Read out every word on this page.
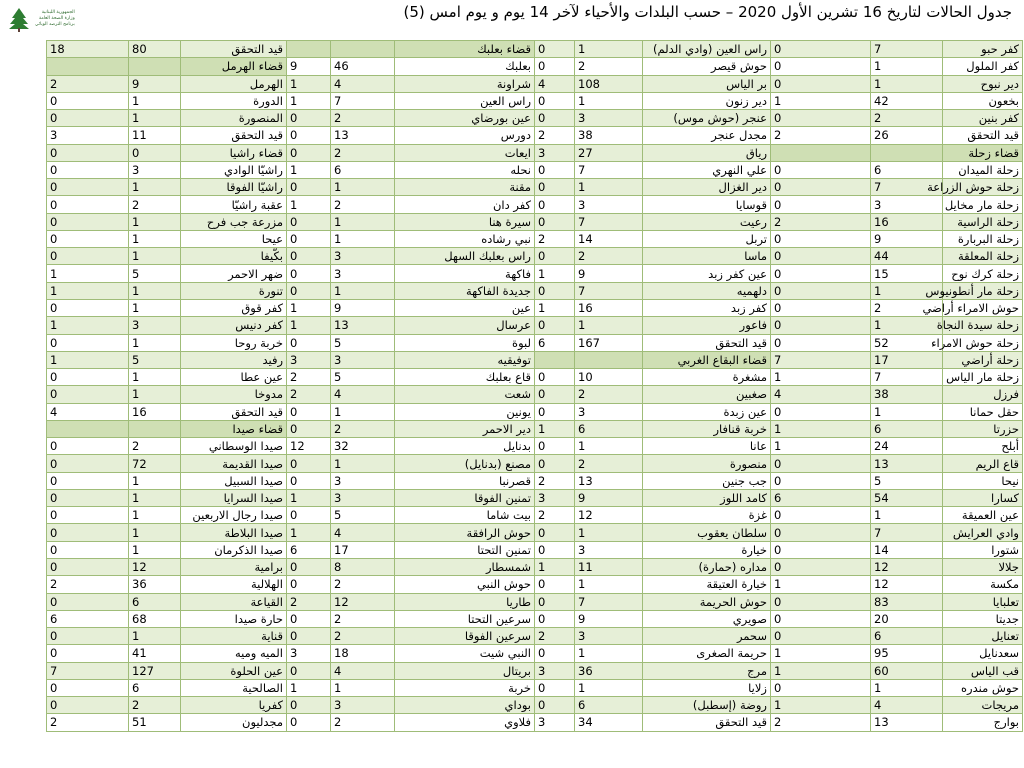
الجمهورية اللبنانية
وزارة الصحة العامة
برنامج الترصد الوبائي
جدول الحالات لتاريخ 16 تشرين الأول 2020 – حسب البلدات والأحياء لآخر 14 يوم و يوم امس (5)
كفر حبو	7	0	راس العين (وادي الدلم)	1	0	قضاء بعلبك			قيد التحقق	80	18
كفر الملول	1	0	حوش قيصر	2	0	بعلبك	46	9	قضاء الهرمل		
دير نبوح	1	0	بر الياس	108	4	شراونة	4	1	الهرمل	9	2
بخعون	42	1	دير زنون	1	0	راس العين	7	1	الدورة	1	0
كفر بنين	2	0	عنجر (حوش موس)	3	0	عين بورضاي	2	0	المنصورة	1	0
قيد التحقق	26	2	مجدل عنجر	38	2	دورس	13	0	قيد التحقق	11	3
قضاء زحلة			رياق	27	3	ايعات	2	0	قضاء راشيا	0	0
زحلة الميدان	6	0	علي النهري	7	0	نحله	6	1	راشيّا الوادي	3	0
زحلة حوش الزراعة	7	0	دير الغزال	1	0	مقنة	1	0	راشيّا الفوقا	1	0
زحلة مار مخايل	3	0	قوسايا	3	0	كفر دان	2	1	عقبة راشيّا	2	0
زحلة الراسية	16	2	رعيت	7	0	سيرة هنا	1	0	مزرعة جب فرح	1	0
زحلة البربارة	9	0	تربل	14	2	نبي رشاده	1	0	عيحا	1	0
زحلة المعلقة	44	0	ماسا	2	0	راس بعلبك السهل	3	0	بكّيفا	1	0
زحلة كرك نوح	15	0	عين كفر زبد	9	1	فاكهة	3	0	ضهر الاحمر	5	1
زحلة مار أنطونيوس	1	0	دلهميه	7	0	جديدة الفاكهة	1	0	تنورة	1	1
حوش الامراء أراضي	2	0	كفر زبد	16	1	عين	9	1	كفر قوق	1	0
زحلة سيدة النجاة	1	0	فاعور	1	0	عرسال	13	1	كفر دنيس	3	1
زحلة حوش الامراء	52	0	قيد التحقق	167	6	لبوة	5	0	خربة روحا	1	0
زحلة أراضي	17	7	قضاء البقاع الغربي			توفيقيه	3	3	رفيد	5	1
زحلة مار الياس	7	1	مشغرة	10	0	قاع بعلبك	5	2	عين عطا	1	0
فرزل	38	4	صغبين	2	0	شعت	4	2	مدوخا	1	0
حقل حمانا	1	0	عين زبدة	3	0	يونين	1	0	قيد التحقق	16	4
حزرتا	6	1	خربة قنافار	6	1	دير الاحمر	2	0	قضاء صيدا		
أبلح	24	1	عانا	1	0	بدنايل	32	12	صيدا الوسطاني	2	0
قاع الريم	13	0	منصورة	2	0	مصنع (بدنايل)	1	0	صيدا القديمة	72	0
نيحا	5	0	جب جنين	13	2	قصرنبا	3	0	صيدا السبيل	1	0
كسارا	54	6	كامد اللوز	9	3	تمنين الفوقا	3	1	صيدا السرايا	1	0
عين العميقة	1	0	غزة	12	2	بيت شاما	5	0	صيدا رجال الاربعين	1	0
وادي العرايش	7	0	سلطان يعقوب	1	0	حوش الرافقة	4	1	صيدا البلاطة	1	0
شتورا	14	0	خيارة	3	0	تمنين التحتا	17	6	صيدا الذكرمان	1	0
جلالا	12	0	مداره (حمارة)	11	1	شمسطار	8	0	برامية	12	0
مكسة	12	1	خيارة العتيقة	1	0	حوش النبي	2	0	الهلالية	36	2
تعلبايا	83	0	حوش الحريمة	7	0	طاريا	12	2	القياعة	6	0
جديتا	20	0	صويري	9	0	سرعين التحتا	2	0	حارة صيدا	68	6
تعنايل	6	0	سحمر	3	2	سرعين الفوقا	2	0	قناية	1	0
سعدنايل	95	1	حريمة الصغرى	1	0	النبي شيت	18	3	الميه وميه	41	0
قب الياس	60	1	مرج	36	3	بريتال	4	0	عين الحلوة	127	7
حوش مندره	1	0	زلايا	1	0	خربة	1	1	الصالحية	6	0
مريجات	4	1	روضة (إسطبل)	6	0	بوداي	3	0	كفريا	2	0
بوارج	13	2	قيد التحقق	34	3	فلاوي	2	0	مجدليون	51	2
